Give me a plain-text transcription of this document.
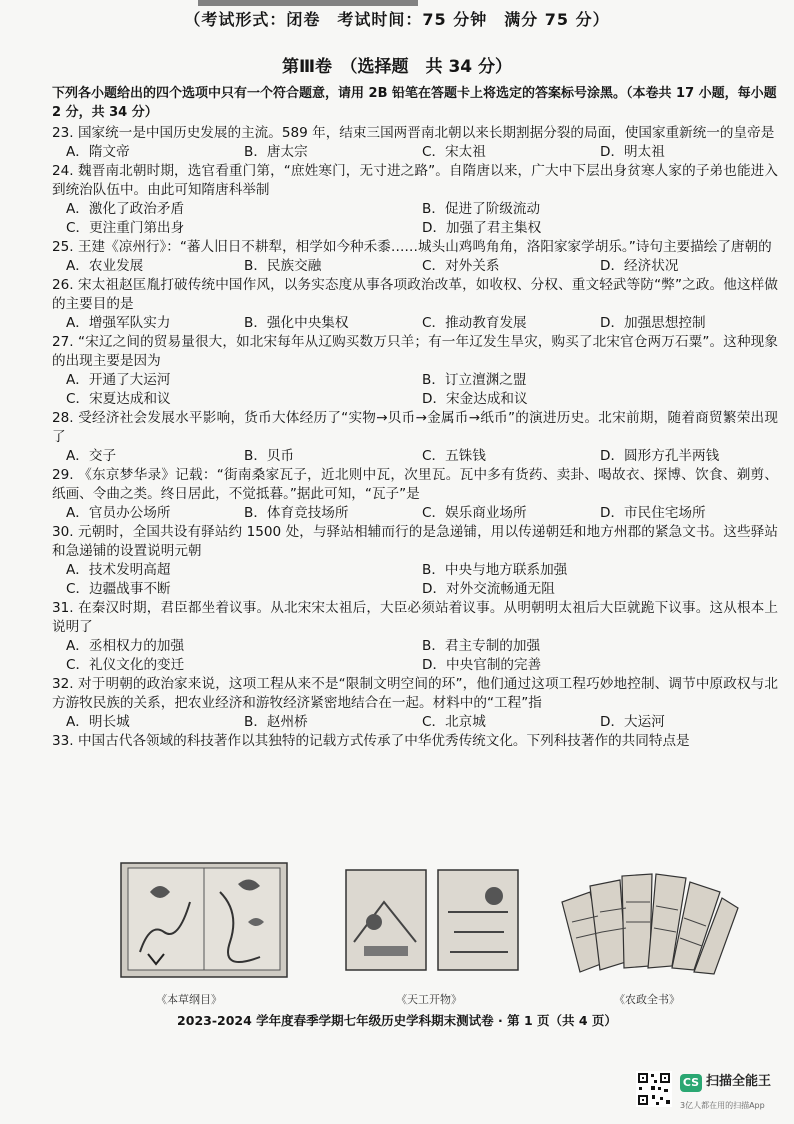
（考试形式：闭卷　考试时间：75 分钟　满分 75 分）
第Ⅲ卷　（选择题　共 34 分）
下列各小题给出的四个选项中只有一个符合题意，请用 2B 铅笔在答题卡上将选定的答案标号涂黑。（本卷共 17 小题，每小题 2 分，共 34 分）
23. 国家统一是中国历史发展的主流。589 年，结束三国两晋南北朝以来长期割据分裂的局面，使国家重新统一的皇帝是
A．隋文帝	B．唐太宗	C．宋太祖	D．明太祖
24. 魏晋南北朝时期，选官看重门第，“庶姓寒门，无寸进之路”。自隋唐以来，广大中下层出身贫寒人家的子弟也能进入到统治队伍中。由此可知隋唐科举制
A．激化了政治矛盾	B．促进了阶级流动
C．更注重门第出身	D．加强了君主集权
25. 王建《凉州行》：“蕃人旧日不耕犁，相学如今种禾黍……城头山鸡鸣角角，洛阳家家学胡乐。”诗句主要描绘了唐朝的
A．农业发展	B．民族交融	C．对外关系	D．经济状况
26. 宋太祖赵匡胤打破传统中国作风，以务实态度从事各项政治改革，如收权、分权、重文轻武等防“弊”之政。他这样做的主要目的是
A．增强军队实力	B．强化中央集权	C．推动教育发展	D．加强思想控制
27. “宋辽之间的贸易量很大，如北宋每年从辽购买数万只羊；有一年辽发生旱灾，购买了北宋官仓两万石粟”。这种现象的出现主要是因为
A．开通了大运河	B．订立澶渊之盟
C．宋夏达成和议	D．宋金达成和议
28. 受经济社会发展水平影响，货币大体经历了“实物→贝币→金属币→纸币”的演进历史。北宋前期，随着商贸繁荣出现了
A．交子	B．贝币	C．五铢钱	D．圆形方孔半两钱
29. 《东京梦华录》记载：“街南桑家瓦子，近北则中瓦，次里瓦。瓦中多有货药、卖卦、喝故衣、探博、饮食、剃剪、纸画、令曲之类。终日居此，不觉抵暮。”据此可知，“瓦子”是
A．官员办公场所	B．体育竞技场所	C．娱乐商业场所	D．市民住宅场所
30. 元朝时，全国共设有驿站约 1500 处，与驿站相辅而行的是急递铺，用以传递朝廷和地方州郡的紧急文书。这些驿站和急递铺的设置说明元朝
A．技术发明高超	B．中央与地方联系加强
C．边疆战事不断	D．对外交流畅通无阻
31. 在秦汉时期，君臣都坐着议事。从北宋宋太祖后，大臣必须站着议事。从明朝明太祖后大臣就跪下议事。这从根本上说明了
A．丞相权力的加强	B．君主专制的加强
C．礼仪文化的变迁	D．中央官制的完善
32. 对于明朝的政治家来说，这项工程从来不是“限制文明空间的环”，他们通过这项工程巧妙地控制、调节中原政权与北方游牧民族的关系，把农业经济和游牧经济紧密地结合在一起。材料中的“工程”指
A．明长城	B．赵州桥	C．北京城	D．大运河
33. 中国古代各领域的科技著作以其独特的记载方式传承了中华优秀传统文化。下列科技著作的共同特点是
《本草纲目》	《天工开物》	《农政全书》
2023-2024 学年度春季学期七年级历史学科期末测试卷 · 第 1 页（共 4 页）
CS 扫描全能王
3亿人都在用的扫描App
